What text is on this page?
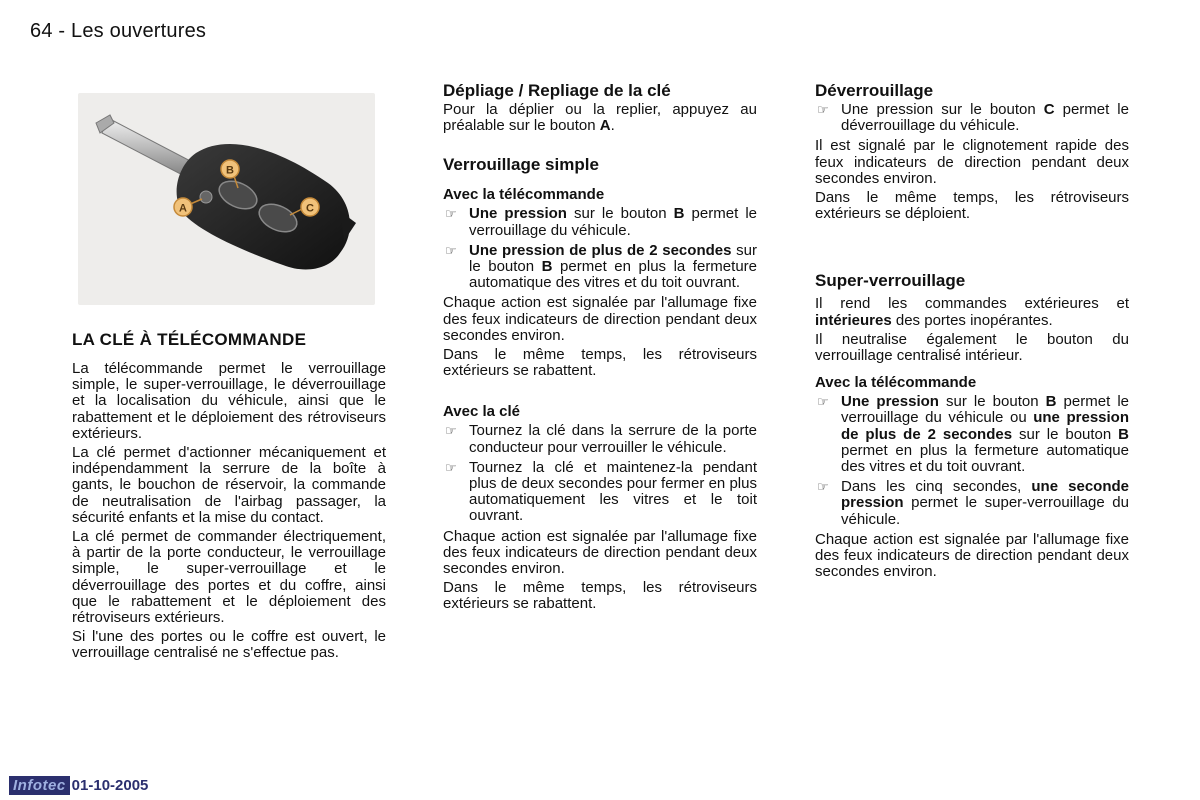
64 - Les ouvertures
B
A	C
LA CLÉ À TÉLÉCOMMANDE

La télécommande permet le verrouillage simple, le super-verrouillage, le déverrouillage et la localisation du véhicule, ainsi que le rabattement et le déploiement des rétroviseurs extérieurs.

La clé permet d'actionner mécaniquement et indépendamment la serrure de la boîte à gants, le bouchon de réservoir, la commande de neutralisation de l'airbag passager, la sécurité enfants et la mise du contact.

La clé permet de commander électriquement, à partir de la porte conducteur, le verrouillage simple, le super-verrouillage et le déverrouillage des portes et du coffre, ainsi que le rabattement et le déploiement des rétroviseurs extérieurs.

Si l'une des portes ou le coffre est ouvert, le verrouillage centralisé ne s'effectue pas.

Dépliage / Repliage de la clé

Pour la déplier ou la replier, appuyez au préalable sur le bouton A.

Verrouillage simple
Avec la télécommande
☞ Une pression sur le bouton B permet le verrouillage du véhicule.
☞ Une pression de plus de 2 secondes sur le bouton B permet en plus la fermeture automatique des vitres et du toit ouvrant.

Chaque action est signalée par l'allumage fixe des feux indicateurs de direction pendant deux secondes environ.

Dans le même temps, les rétroviseurs extérieurs se rabattent.

Avec la clé
☞ Tournez la clé dans la serrure de la porte conducteur pour verrouiller le véhicule.
☞ Tournez la clé et maintenez-la pendant plus de deux secondes pour fermer en plus automatiquement les vitres et le toit ouvrant.

Chaque action est signalée par l'allumage fixe des feux indicateurs de direction pendant deux secondes environ.

Dans le même temps, les rétroviseurs extérieurs se rabattent.

Déverrouillage
☞ Une pression sur le bouton C permet le déverrouillage du véhicule.

Il est signalé par le clignotement rapide des feux indicateurs de direction pendant deux secondes environ.

Dans le même temps, les rétroviseurs extérieurs se déploient.

Super-verrouillage

Il rend les commandes extérieures et intérieures des portes inopérantes.

Il neutralise également le bouton du verrouillage centralisé intérieur.

Avec la télécommande
☞ Une pression sur le bouton B permet le verrouillage du véhicule ou une pression de plus de 2 secondes sur le bouton B permet en plus la fermeture automatique des vitres et du toit ouvrant.
☞ Dans les cinq secondes, une seconde pression permet le super-verrouillage du véhicule.

Chaque action est signalée par l'allumage fixe des feux indicateurs de direction pendant deux secondes environ.

Infotec 01-10-2005
